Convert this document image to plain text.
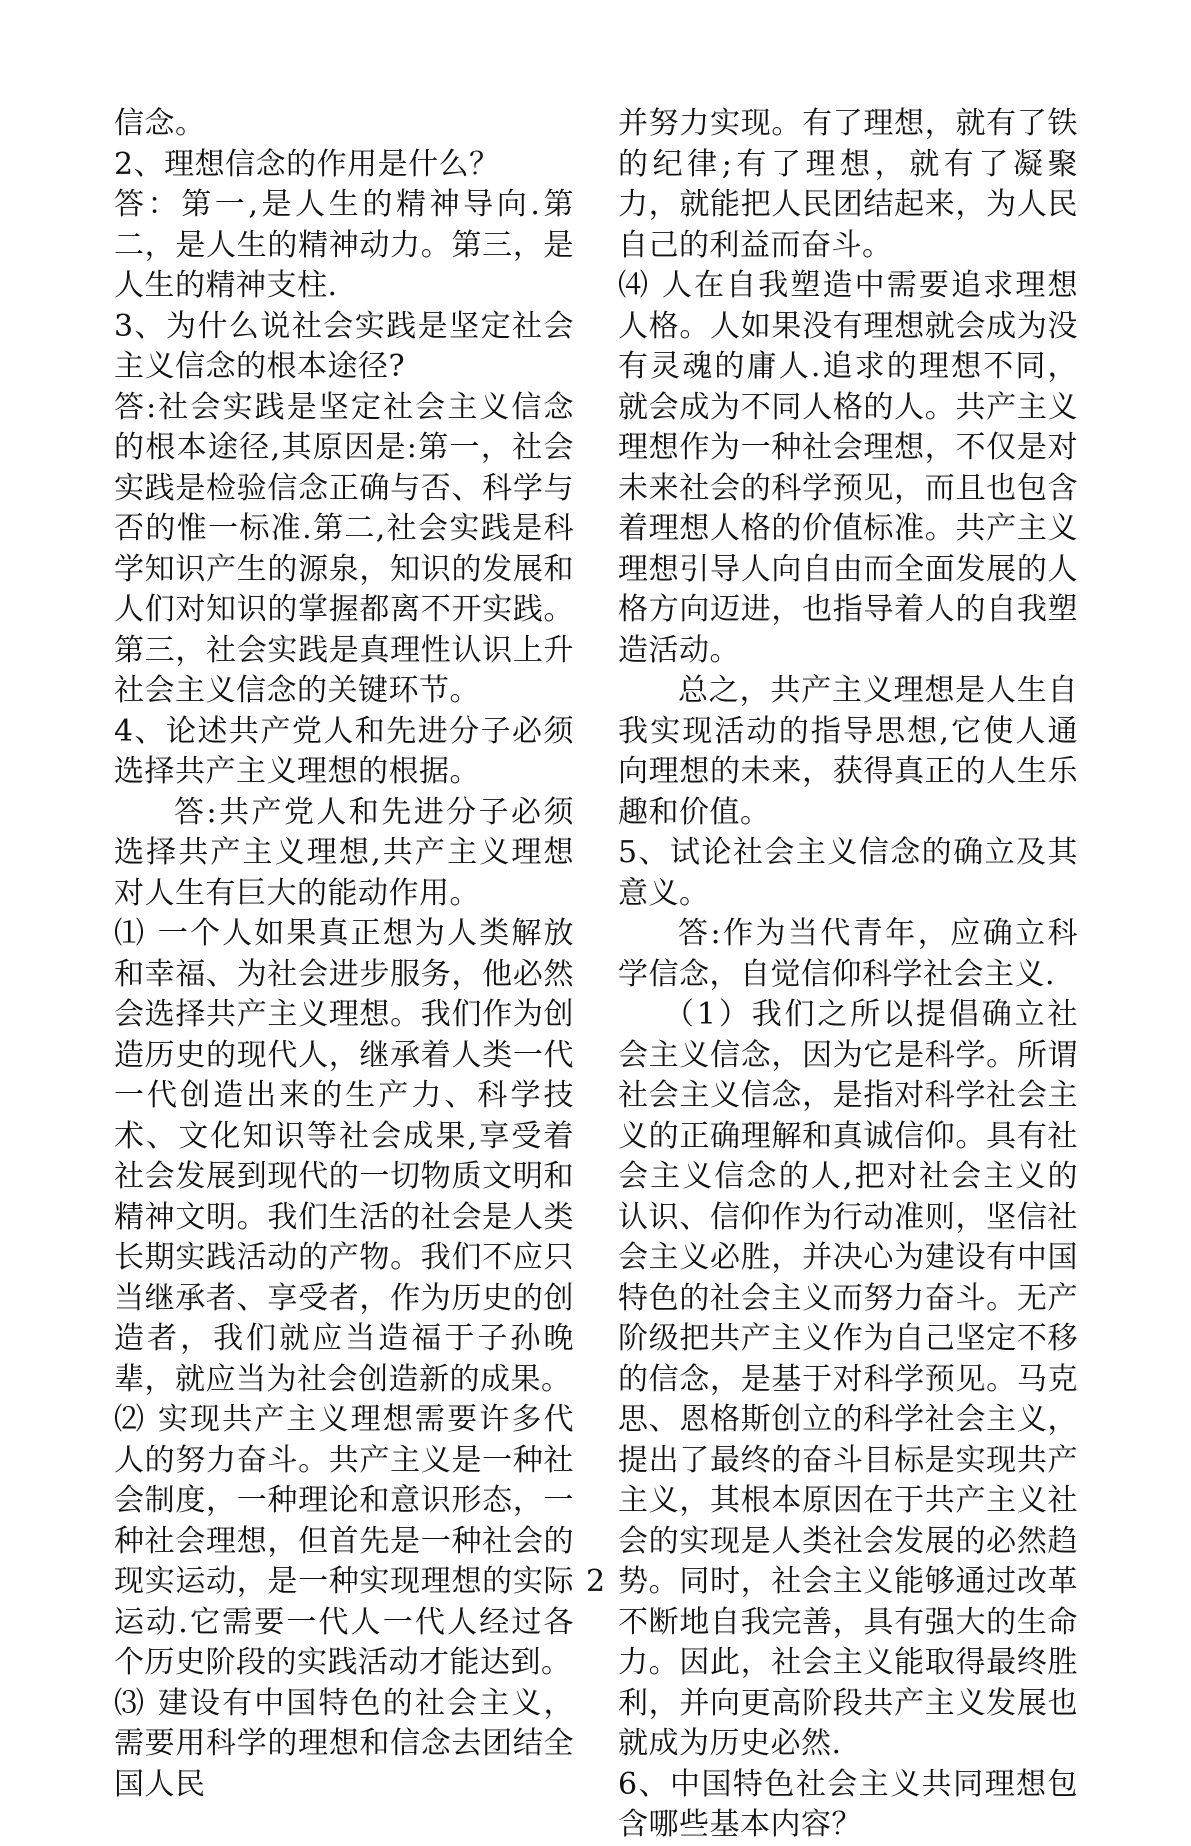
信念。

2、理想信念的作用是什么？

答：第一,是人生的精神导向.第二，是人生的精神动力。第三，是人生的精神支柱.

3、为什么说社会实践是坚定社会主义信念的根本途径?

答:社会实践是坚定社会主义信念的根本途径,其原因是:第一，社会实践是检验信念正确与否、科学与否的惟一标准.第二,社会实践是科学知识产生的源泉，知识的发展和人们对知识的掌握都离不开实践。第三，社会实践是真理性认识上升社会主义信念的关键环节。

4、论述共产党人和先进分子必须选择共产主义理想的根据。

答:共产党人和先进分子必须选择共产主义理想,共产主义理想对人生有巨大的能动作用。

⑴ 一个人如果真正想为人类解放和幸福、为社会进步服务，他必然会选择共产主义理想。我们作为创造历史的现代人，继承着人类一代一代创造出来的生产力、科学技术、文化知识等社会成果,享受着社会发展到现代的一切物质文明和精神文明。我们生活的社会是人类长期实践活动的产物。我们不应只当继承者、享受者，作为历史的创造者，我们就应当造福于子孙晚辈，就应当为社会创造新的成果。

⑵ 实现共产主义理想需要许多代人的努力奋斗。共产主义是一种社会制度，一种理论和意识形态，一种社会理想，但首先是一种社会的现实运动，是一种实现理想的实际运动.它需要一代人一代人经过各个历史阶段的实践活动才能达到。

⑶ 建设有中国特色的社会主义，需要用科学的理想和信念去团结全国人民

并努力实现。有了理想，就有了铁的纪律;有了理想，就有了凝聚力，就能把人民团结起来，为人民自己的利益而奋斗。

⑷ 人在自我塑造中需要追求理想人格。人如果没有理想就会成为没有灵魂的庸人.追求的理想不同，就会成为不同人格的人。共产主义理想作为一种社会理想，不仅是对未来社会的科学预见，而且也包含着理想人格的价值标准。共产主义理想引导人向自由而全面发展的人格方向迈进，也指导着人的自我塑造活动。

总之，共产主义理想是人生自我实现活动的指导思想,它使人通向理想的未来，获得真正的人生乐趣和价值。

5、试论社会主义信念的确立及其意义。

答:作为当代青年，应确立科学信念，自觉信仰科学社会主义.

（1）我们之所以提倡确立社会主义信念，因为它是科学。所谓社会主义信念，是指对科学社会主义的正确理解和真诚信仰。具有社会主义信念的人,把对社会主义的认识、信仰作为行动准则，坚信社会主义必胜，并决心为建设有中国特色的社会主义而努力奋斗。无产阶级把共产主义作为自己坚定不移的信念，是基于对科学预见。马克思、恩格斯创立的科学社会主义，提出了最终的奋斗目标是实现共产主义，其根本原因在于共产主义社会的实现是人类社会发展的必然趋势。同时，社会主义能够通过改革不断地自我完善，具有强大的生命力。因此，社会主义能取得最终胜利，并向更高阶段共产主义发展也就成为历史必然.

6、中国特色社会主义共同理想包含哪些基本内容？

2
